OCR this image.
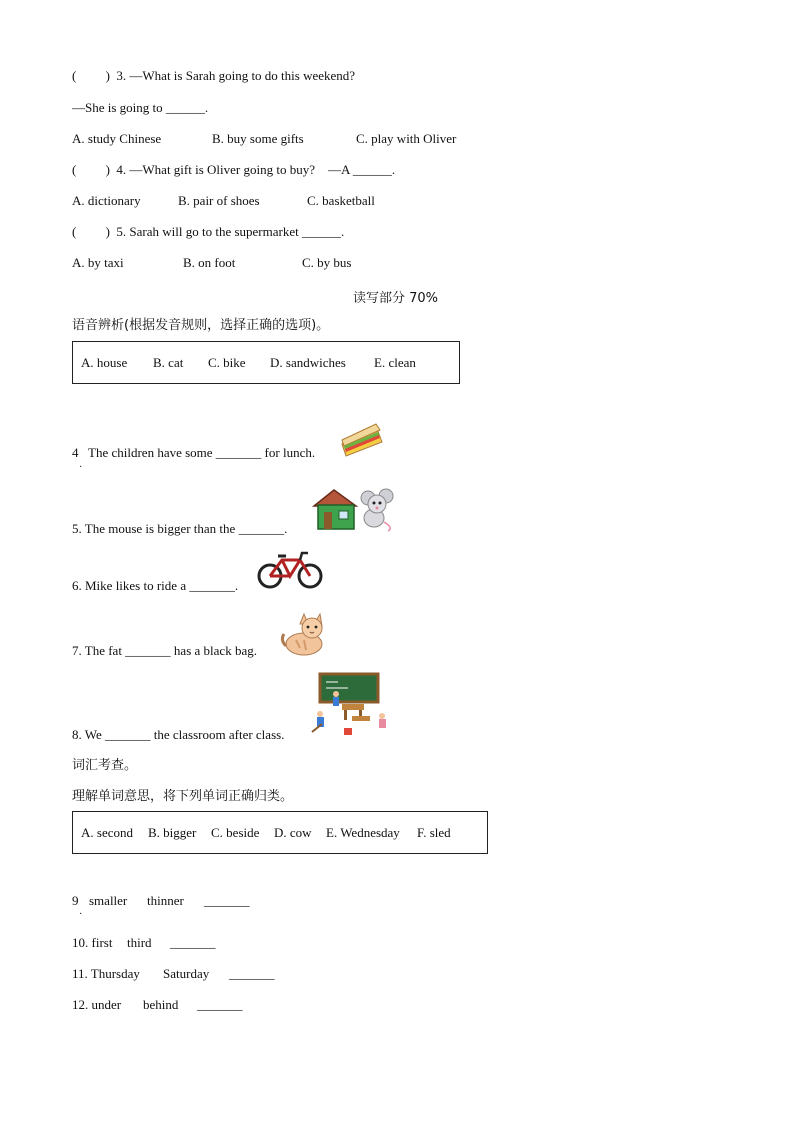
(         )  3. —What is Sarah going to do this weekend?
—She is going to ______.
A. study Chinese	B. buy some gifts	C. play with Oliver
(         )  4. —What gift is Oliver going to buy?    —A ______.
A. dictionary	B. pair of shoes	C. basketball
(         )  5. Sarah will go to the supermarket ______.
A. by taxi	B. on foot	C. by bus
读写部分 70%
语音辨析(根据发音规则，选择正确的选项)。
A. house B. cat C. bike D. sandwiches E. clean
4   The children have some _______ for lunch.
·
5. The mouse is bigger than the _______.
6. Mike likes to ride a _______.
7. The fat _______ has a black bag.
8. We _______ the classroom after class.
词汇考查。
理解单词意思，将下列单词正确归类。
A. second B. bigger C. beside D. cow E. Wednesday F. sled
9 smaller thinner _______
·
10. first third _______
11. Thursday Saturday _______
12. under behind _______
